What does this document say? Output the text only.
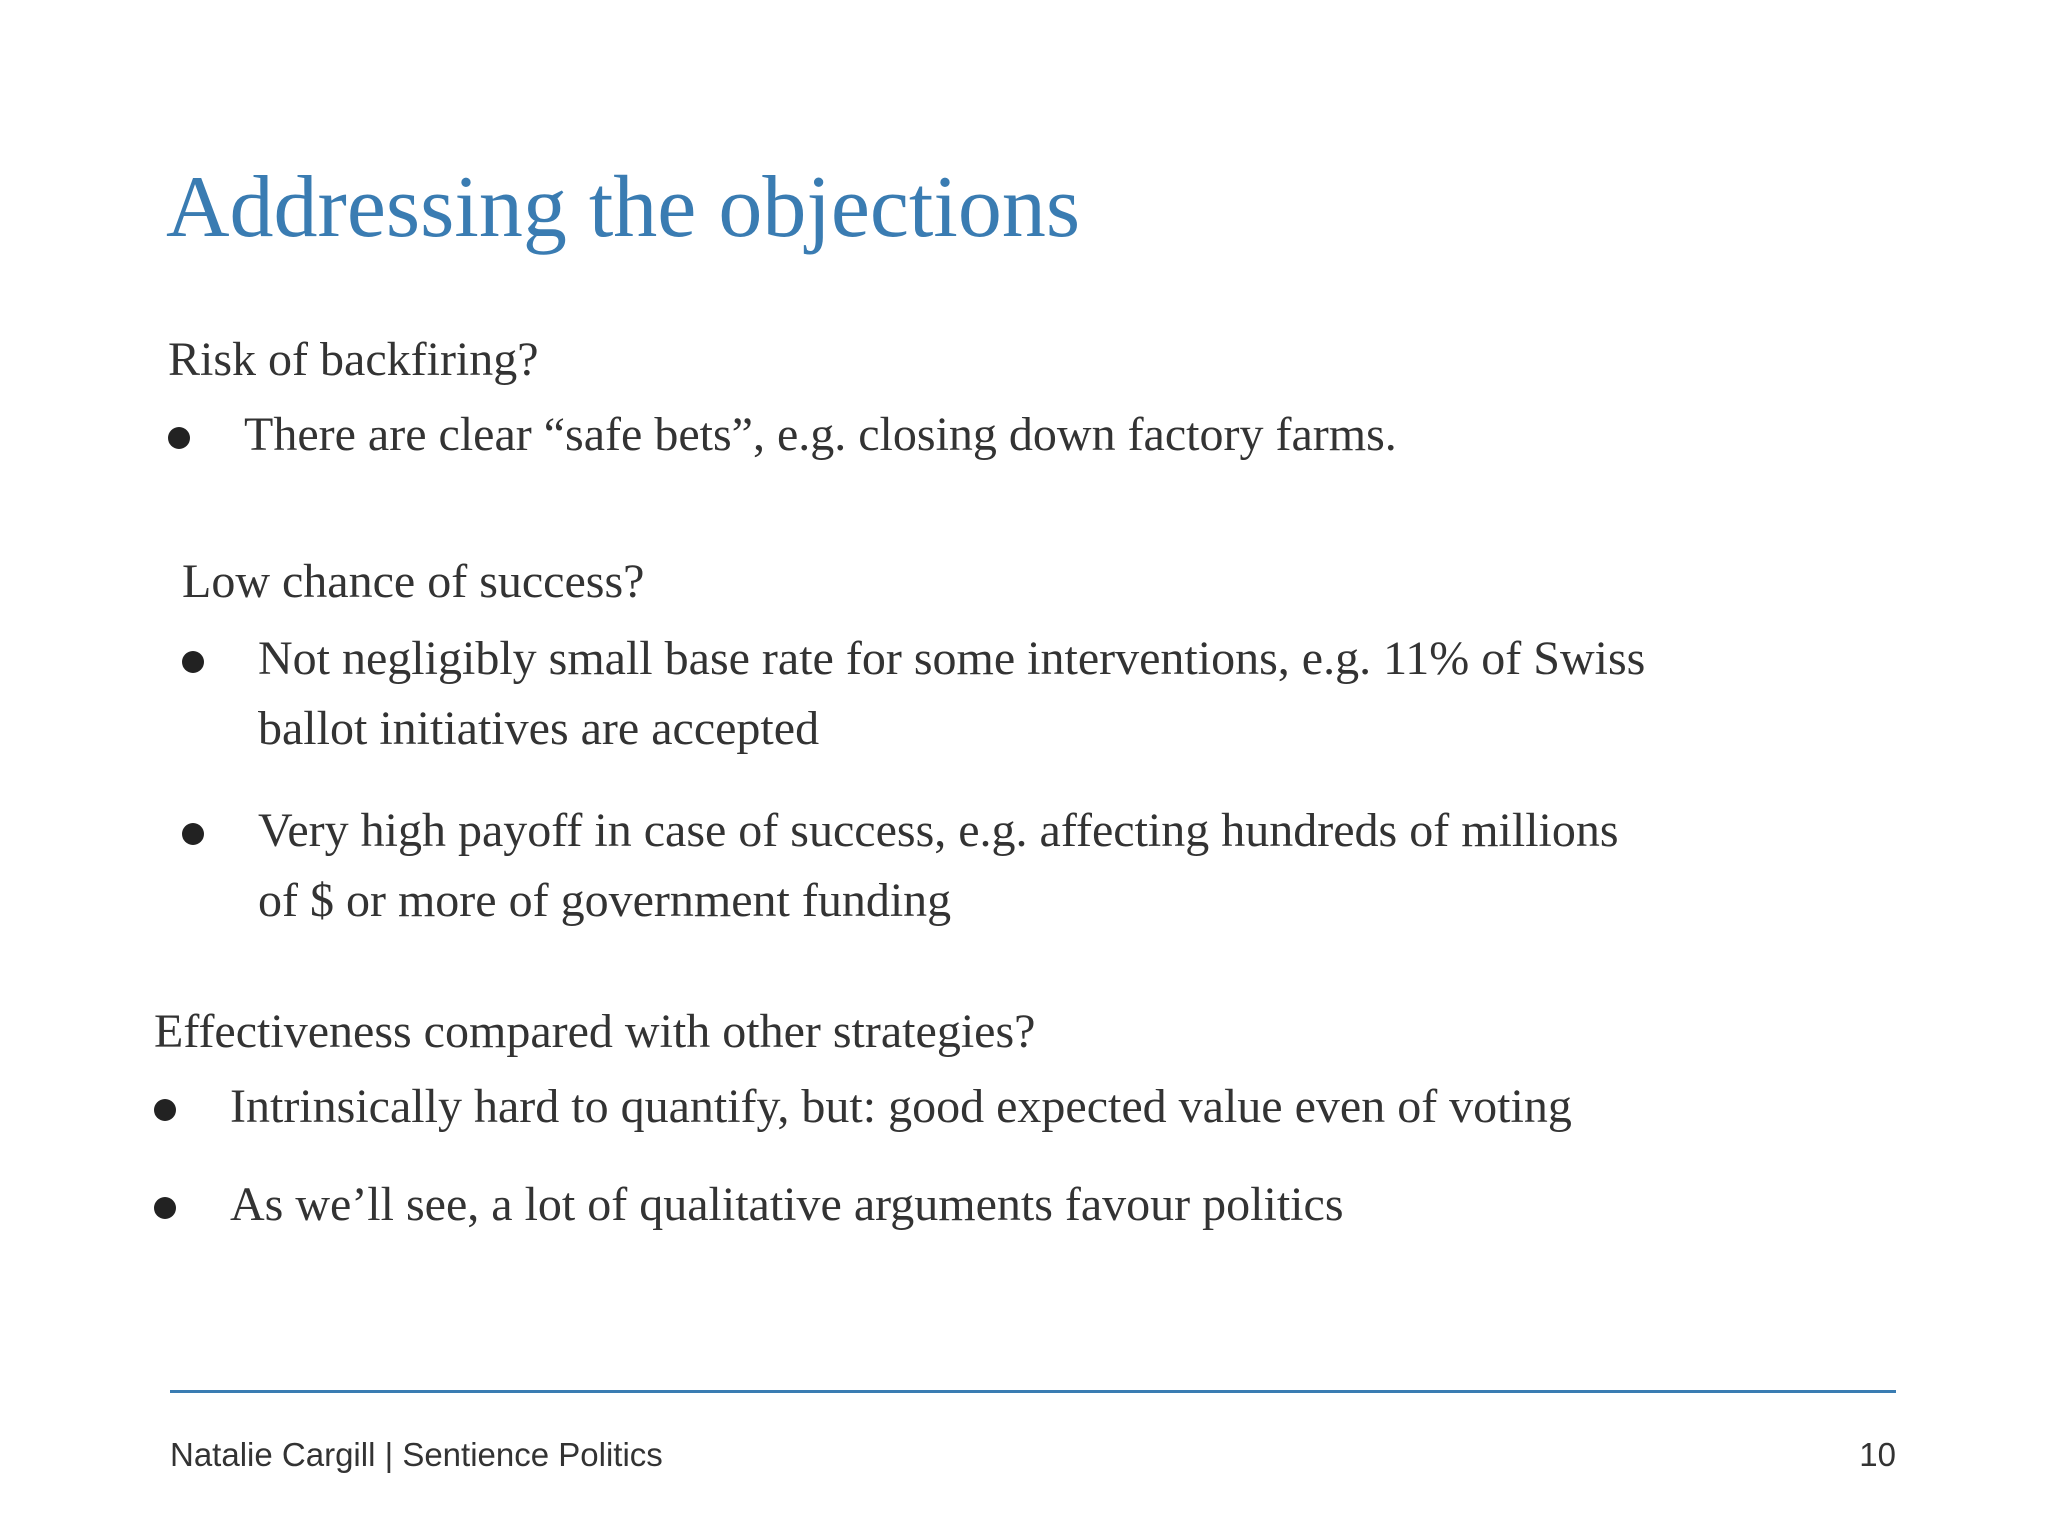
Addressing the objections

Risk of backfiring?

There are clear “safe bets”, e.g. closing down factory farms.

Low chance of success?

Not negligibly small base rate for some interventions, e.g. 11% of Swiss
ballot initiatives are accepted
Very high payoff in case of success, e.g. affecting hundreds of millions
of $ or more of government funding

Effectiveness compared with other strategies?

Intrinsically hard to quantify, but: good expected value even of voting
As we’ll see, a lot of qualitative arguments favour politics
Natalie Cargill | Sentience Politics	10
